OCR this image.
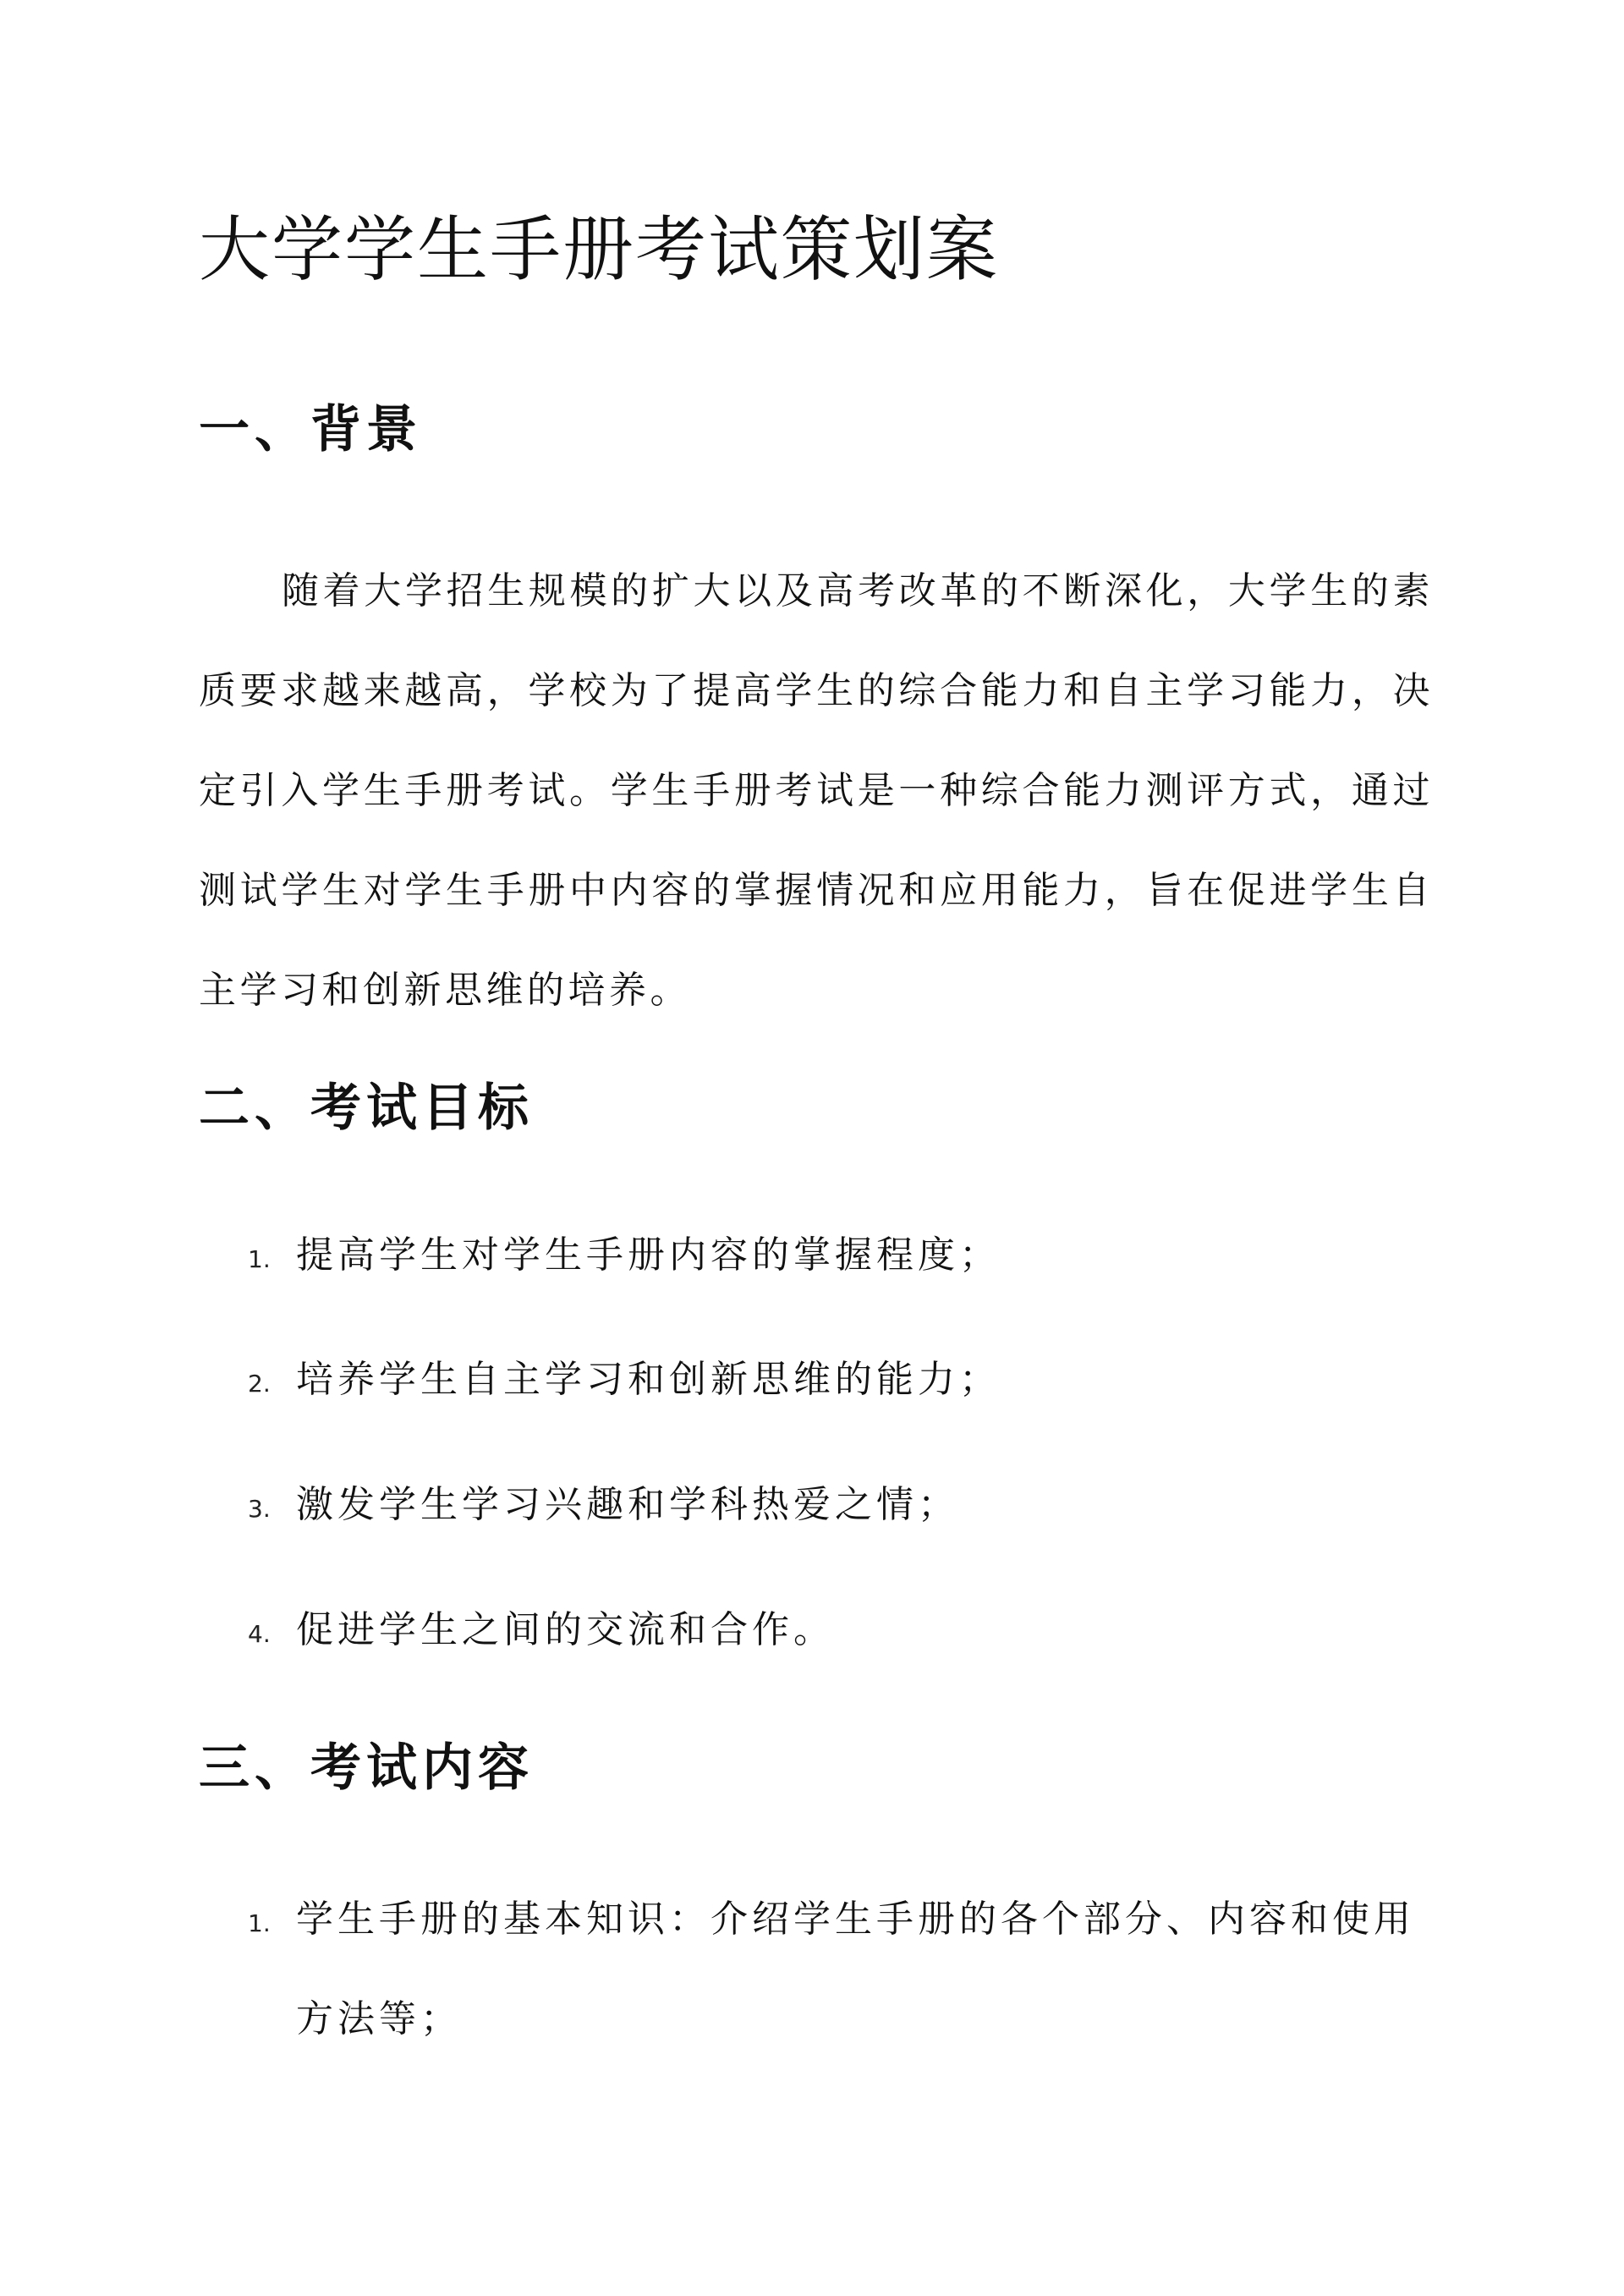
大学学生手册考试策划案
一、背景

随着大学招生规模的扩大以及高考改革的不断深化，大学生的素质要求越来越高，学校为了提高学生的综合能力和自主学习能力，决定引入学生手册考试。学生手册考试是一种综合能力测评方式，通过测试学生对学生手册中内容的掌握情况和应用能力，旨在促进学生自主学习和创新思维的培养。

二、考试目标
1. 提高学生对学生手册内容的掌握程度；
2. 培养学生自主学习和创新思维的能力；
3. 激发学生学习兴趣和学科热爱之情；
4. 促进学生之间的交流和合作。
三、考试内容
1. 学生手册的基本知识：介绍学生手册的各个部分、内容和使用方法等；
